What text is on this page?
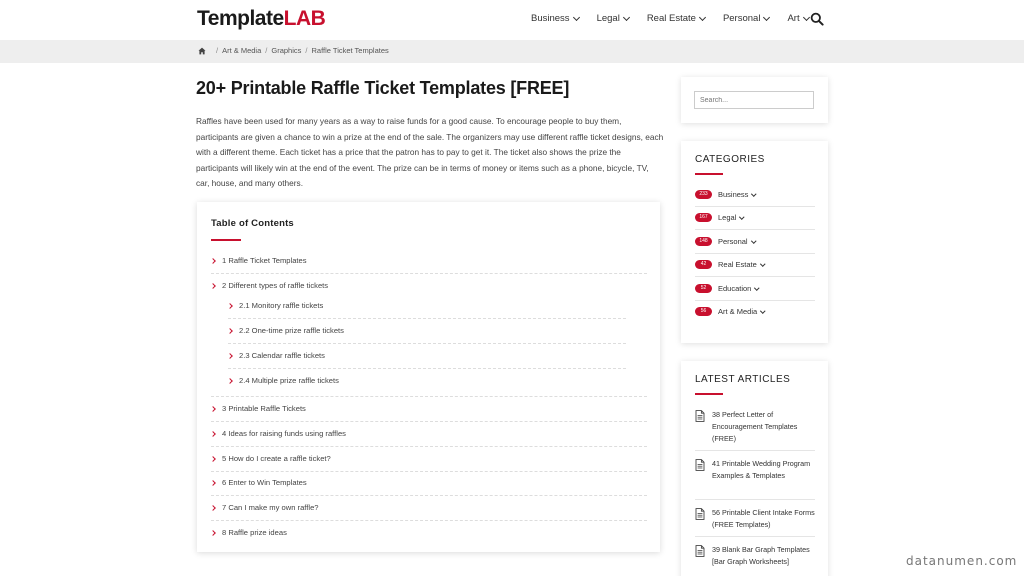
TemplateLAB	Business	Legal	Real Estate	Personal	Art
/ Art & Media / Graphics / Raffle Ticket Templates
20+ Printable Raffle Ticket Templates [FREE]

Raffles have been used for many years as a way to raise funds for a good cause. To encourage people to buy them, participants are given a chance to win a prize at the end of the sale. The organizers may use different raffle ticket designs, each with a different theme. Each ticket has a price that the patron has to pay to get it. The ticket also shows the prize the participants will likely win at the end of the event. The prize can be in terms of money or items such as a phone, bicycle, TV, car, house, and many others.

Table of Contents
1 Raffle Ticket Templates
2 Different types of raffle tickets
2.1 Monitory raffle tickets
2.2 One-time prize raffle tickets
2.3 Calendar raffle tickets
2.4 Multiple prize raffle tickets
3 Printable Raffle Tickets
4 Ideas for raising funds using raffles
5 How do I create a raffle ticket?
6 Enter to Win Templates
7 Can I make my own raffle?
8 Raffle prize ideas
Search...
CATEGORIES
233	Business
167	Legal
148	Personal
42	Real Estate
52	Education
56	Art & Media
LATEST ARTICLES
38 Perfect Letter of Encouragement Templates (FREE)
41 Printable Wedding Program Examples & Templates
56 Printable Client Intake Forms (FREE Templates)
39 Blank Bar Graph Templates [Bar Graph Worksheets]	datanumen.com
